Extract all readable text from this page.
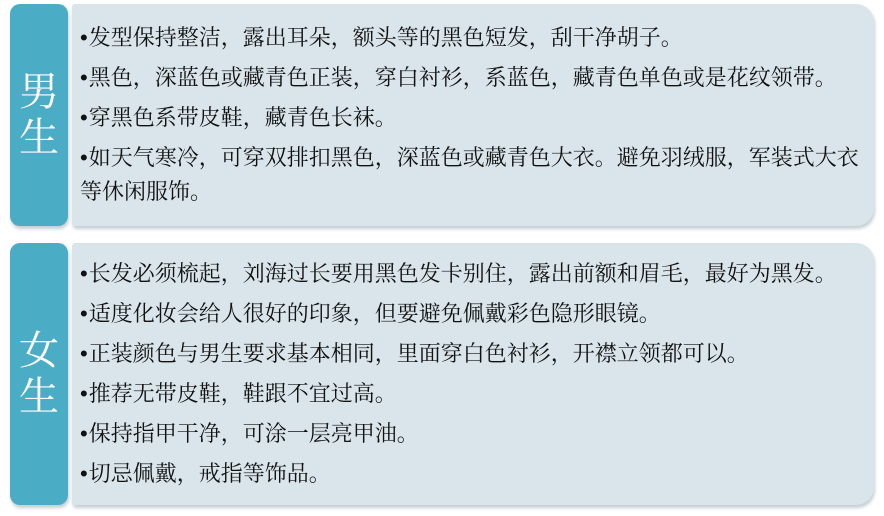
男生
• 发型保持整洁，露出耳朵，额头等的黑色短发，刮干净胡子。
• 黑色，深蓝色或藏青色正装，穿白衬衫，系蓝色，藏青色单色或是花纹领带。
• 穿黑色系带皮鞋，藏青色长袜。
• 如天气寒冷，可穿双排扣黑色，深蓝色或藏青色大衣。避免羽绒服，军装式大衣等休闲服饰。
女生
• 长发必须梳起，刘海过长要用黑色发卡别住，露出前额和眉毛，最好为黑发。
• 适度化妆会给人很好的印象，但要避免佩戴彩色隐形眼镜。
• 正装颜色与男生要求基本相同，里面穿白色衬衫，开襟立领都可以。
• 推荐无带皮鞋，鞋跟不宜过高。
• 保持指甲干净，可涂一层亮甲油。
• 切忌佩戴，戒指等饰品。
